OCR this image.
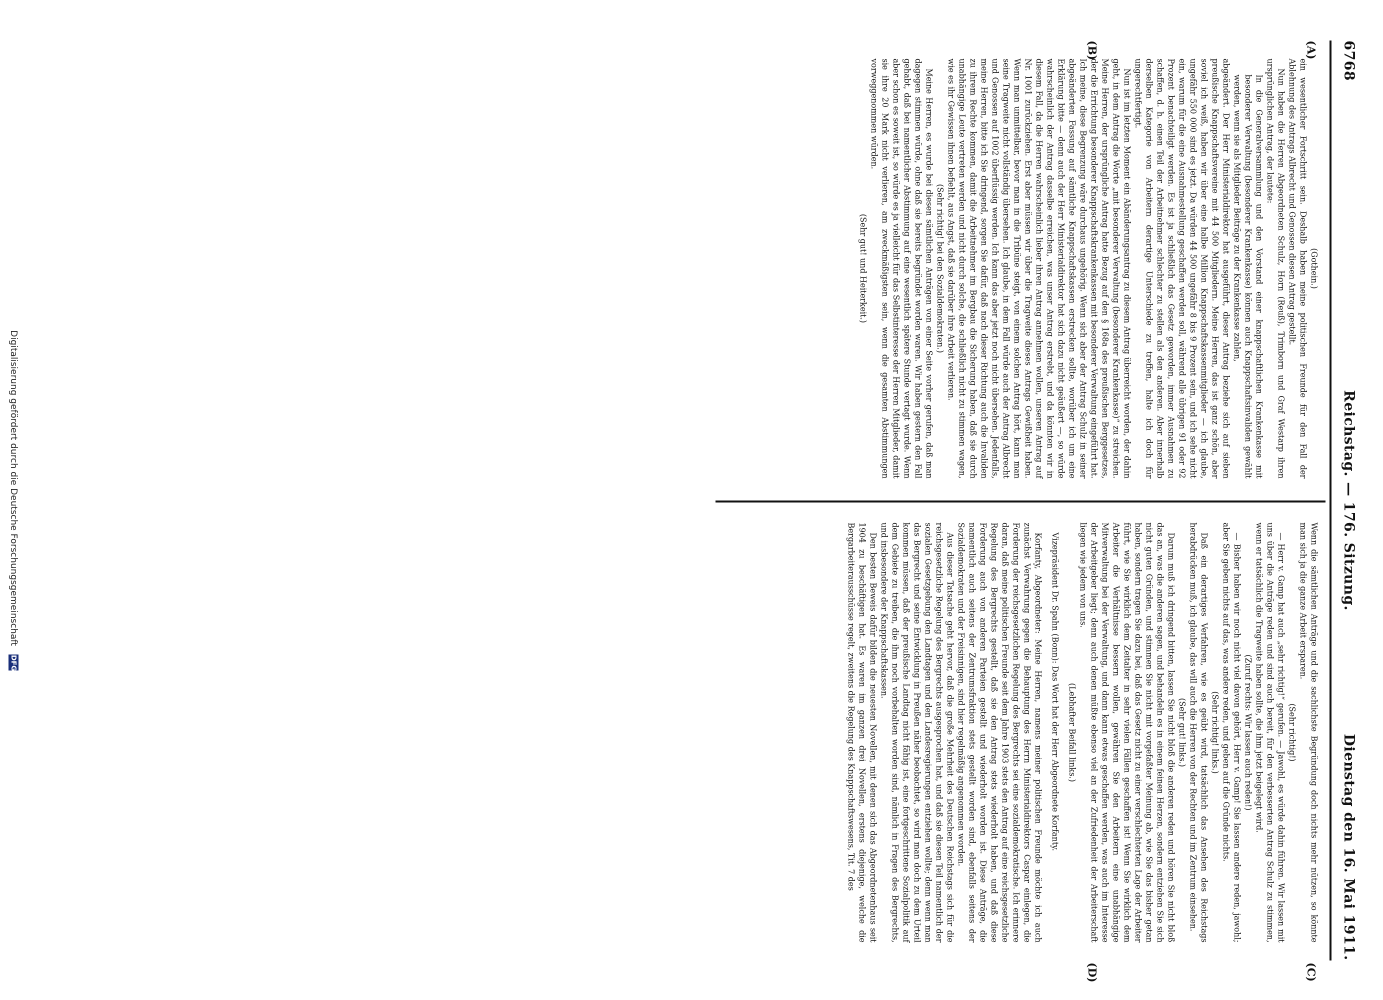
6768
Reichstag. — 176. Sitzung.
Dienstag den 16. Mai 1911.
(A)
(B)
(C)
(D)

(Gothein.)

ein wesentlicher Fortschritt sein. Deshalb haben meine politischen Freunde für den Fall der Ablehnung des Antrags Albrecht und Genossen diesen Antrag gestellt.

Nun haben die Herren Abgeordneten Schulz, Horn (Reuß), Trimborn und Graf Westarp ihren ursprünglichen Antrag, der lautete:

In die Generalversammlung und den Vorstand einer knappschaftlichen Krankenkasse mit besonderer Verwaltung (besonderer Krankenkasse) können auch Knappschaftsinvaliden gewählt werden, wenn sie als Mitglieder Beiträge zu der Krankenkasse zahlen,

abgeändert. Der Herr Ministerialdirektor hat ausgeführt, dieser Antrag beziehe sich auf sieben preußische Knappschaftsvereine mit 44 500 Mitgliedern. Meine Herren, das ist ganz schön, aber soviel ich weiß, haben wir über eine halbe Million Knappschaftskassenmitglieder — ich glaube, ungefähr 550 000 sind es jetzt. Da würden 44 500 ungefähr 8 bis 9 Prozent sein, und ich sehe nicht ein, warum für die eine Ausnahmestellung geschaffen werden soll, während alle übrigen 91 oder 92 Prozent benachteiligt werden. Es ist ja schließlich das Gesetz geworden, immer Ausnahmen zu schaffen, d. h. einen Teil der Arbeitnehmer schlechter zu stellen als den anderen. Aber innerhalb derselben Kategorie von Arbeitern derartige Unterschiede zu treffen, halte ich doch für ungerechtfertigt.

Nun ist im letzten Moment ein Abänderungsantrag zu diesem Antrag überreicht worden, der dahin geht, in dem Antrag die Worte „mit besonderer Verwaltung (besonderer Krankenkasse)“ zu streichen. Meine Herren, der ursprüngliche Antrag hatte Bezug auf den § 168a des preußischen Berggesetzes, der die Errichtung besonderer Knappschaftskrankenkassen mit besonderer Verwaltung eingeführt hat. Ich meine, diese Begrenzung wäre durchaus ungehörig. Wenn sich aber der Antrag Schulz in seiner abgeänderten Fassung auf sämtliche Knappschaftskassen erstrecken sollte, worüber ich um eine Erklärung bitte — denn auch der Herr Ministerialdirektor hat sich dazu nicht geäußert —, so würde wahrscheinlich der Antrag dasselbe erreichen, was unser Antrag erstrebt, und da könnten wir in diesem Fall, da die Herren wahrscheinlich lieber ihren Antrag annehmen wollen, unseren Antrag auf Nr. 1001 zurückziehen. Erst aber müssen wir über die Tragweite dieses Antrags Gewißheit haben. Wenn man unmittelbar, bevor man in die Tribüne steigt, von einem solchen Antrag hört, kann man seine Tragweite nicht vollständig übersehen. Ich glaube, in dem Fall würde auch der Antrag Albrecht und Genossen auf 1002 überflüssig werden. Ich kann das aber jetzt noch nicht übersehen. Jedenfalls, meine Herren, bitte ich Sie dringend, sorgen Sie dafür, daß nach dieser Richtung auch die Invaliden zu ihrem Rechte kommen, damit die Arbeitnehmer im Bergbau die Sicherung haben, daß sie durch unabhängige Leute vertreten werden und nicht durch solche, die schließlich nicht zu stimmen wagen, wie es ihr Gewissen ihnen befiehlt, aus Angst, daß sie darüber ihre Arbeit verlieren.

(Sehr richtig! bei den Sozialdemokraten.)

Meine Herren, es wurde bei diesen sämtlichen Anträgen von einer Seite vorher gerufen, daß man dagegen stimmen würde, ohne daß sie bereits begründet worden waren. Wir haben gestern den Fall gehabt, daß bei namentlicher Abstimmung auf eine wesentlich spätere Stunde vertagt wurde. Wenn aber schon es soweit ist, so würde es ja vielleicht für das Selbstinteresse der Herren Mitglieder, damit sie ihre 20 Mark nicht verlieren, am zweckmäßigsten sein, wenn die gesamten Abstimmungen vorweggenommen würden.

(Sehr gut! und Heiterkeit.)

Wenn die sämtlichen Anträge und die sachlichste Begründung doch nichts mehr nützen, so könnte man sich ja die ganze Arbeit ersparen.

(Sehr richtig!)

— Herr v. Gamp hat auch „sehr richtig!“ gerufen. — Jawohl, es würde dahin führen. Wir lassen mit uns über die Anträge reden und sind auch bereit, für den verbesserten Antrag Schulz zu stimmen, wenn er tatsächlich die Tragweite haben sollte, die ihm jetzt beigelegt wird.

(Zuruf rechts: Wir lassen auch reden!)

— Bisher haben wir noch nicht viel davon gehört, Herr v. Gamp! Sie lassen andere reden, jawohl; aber Sie geben nichts auf das, was andere reden, und geben auf die Gründe nichts.

(Sehr richtig! links.)

Daß ein derartiges Verfahren, wie es geübt wird, tatsächlich das Ansehen des Reichstags herabdrücken muß, ich glaube, das will auch die Herren von der Rechten und im Zentrum einsehen.

(Sehr gut! links.)

Darum muß ich dringend bitten, lassen Sie nicht bloß die anderen reden und hören Sie nicht bloß das an, was die anderen sagen, und behandeln es in einem feinen Herzen, sondern entziehen Sie sich nicht guten Gründen, und stimmen Sie nicht mit vorgefaßter Meinung ab, wie Sie das bisher getan haben, sondern tragen Sie dazu bei, daß das Gesetz nicht zu einer verschlechterten Lage der Arbeiter führt, wie Sie wirklich dem Zeitalter in sehr vielen Fällen geschaffen ist! Wenn Sie wirklich dem Arbeiter die Verhältnisse bessern wollen, gewähren Sie den Arbeitern eine unabhängige Mitverwaltung bei der Verwaltung, und dann kann etwas geschaffen werden, was auch im Interesse der Arbeitgeber liegt; denn auch denen müßte ebenso viel an der Zufriedenheit der Arbeiterschaft liegen wie jedem von uns.

(Lebhafter Beifall links.)

Vizepräsident Dr. Spahn (Bonn): Das Wort hat der Herr Abgeordnete Korfanty.

Korfanty, Abgeordneter: Meine Herren, namens meiner politischen Freunde möchte ich auch zunächst Verwahrung gegen die Behauptung des Herrn Ministerialdirektors Caspar einlegen, die Forderung der reichsgesetzlichen Regelung des Bergrechts sei eine sozialdemokratische. Ich erinnere daran, daß meine politischen Freunde seit dem Jahre 1903 stets den Antrag auf eine reichsgesetzliche Regelung des Bergrechts gestellt, daß sie den Antrag stets wiederholt haben, und daß diese Forderung auch von anderen Parteien gestellt und wiederholt worden ist. Diese Anträge, die namentlich auch seitens der Zentrumsfraktion stets gestellt worden sind, ebenfalls seitens der Sozialdemokraten und der Freisinnigen, sind hier regelmäßig angenommen worden.

Aus dieser Tatsache geht hervor, daß die große Mehrheit des Deutschen Reichstags sich für die reichsgesetzliche Regelung des Bergrechts ausgesprochen hat, und daß sie diesen Teil namentlich der sozialen Gesetzgebung den Landtagen und den Landesregierungen entziehen wollte; denn wenn man das Bergrecht und seine Entwicklung in Preußen näher beobachtet, so wird man doch zu dem Urteil kommen müssen, daß der preußische Landtag nicht fähig ist, eine fortgeschrittene Sozialpolitik auf dem Gebiete zu treiben, die ihm noch vorbehalten worden sind, nämlich in Fragen des Bergrechts, und insbesondere der Knappschaftskassen.

Den besten Beweis dafür bilden die neuesten Novellen, mit denen sich das Abgeordnetenhaus seit 1904 zu beschäftigen hat. Es waren im ganzen drei Novellen, erstens diejenige, welche die Bergarbeiterausschüsse regelt, zweitens die Regelung des Knappschaftswesens, Tit. 7 des

Digitalisierung gefördert durch die Deutsche Forschungsgemeinschaft DFG
